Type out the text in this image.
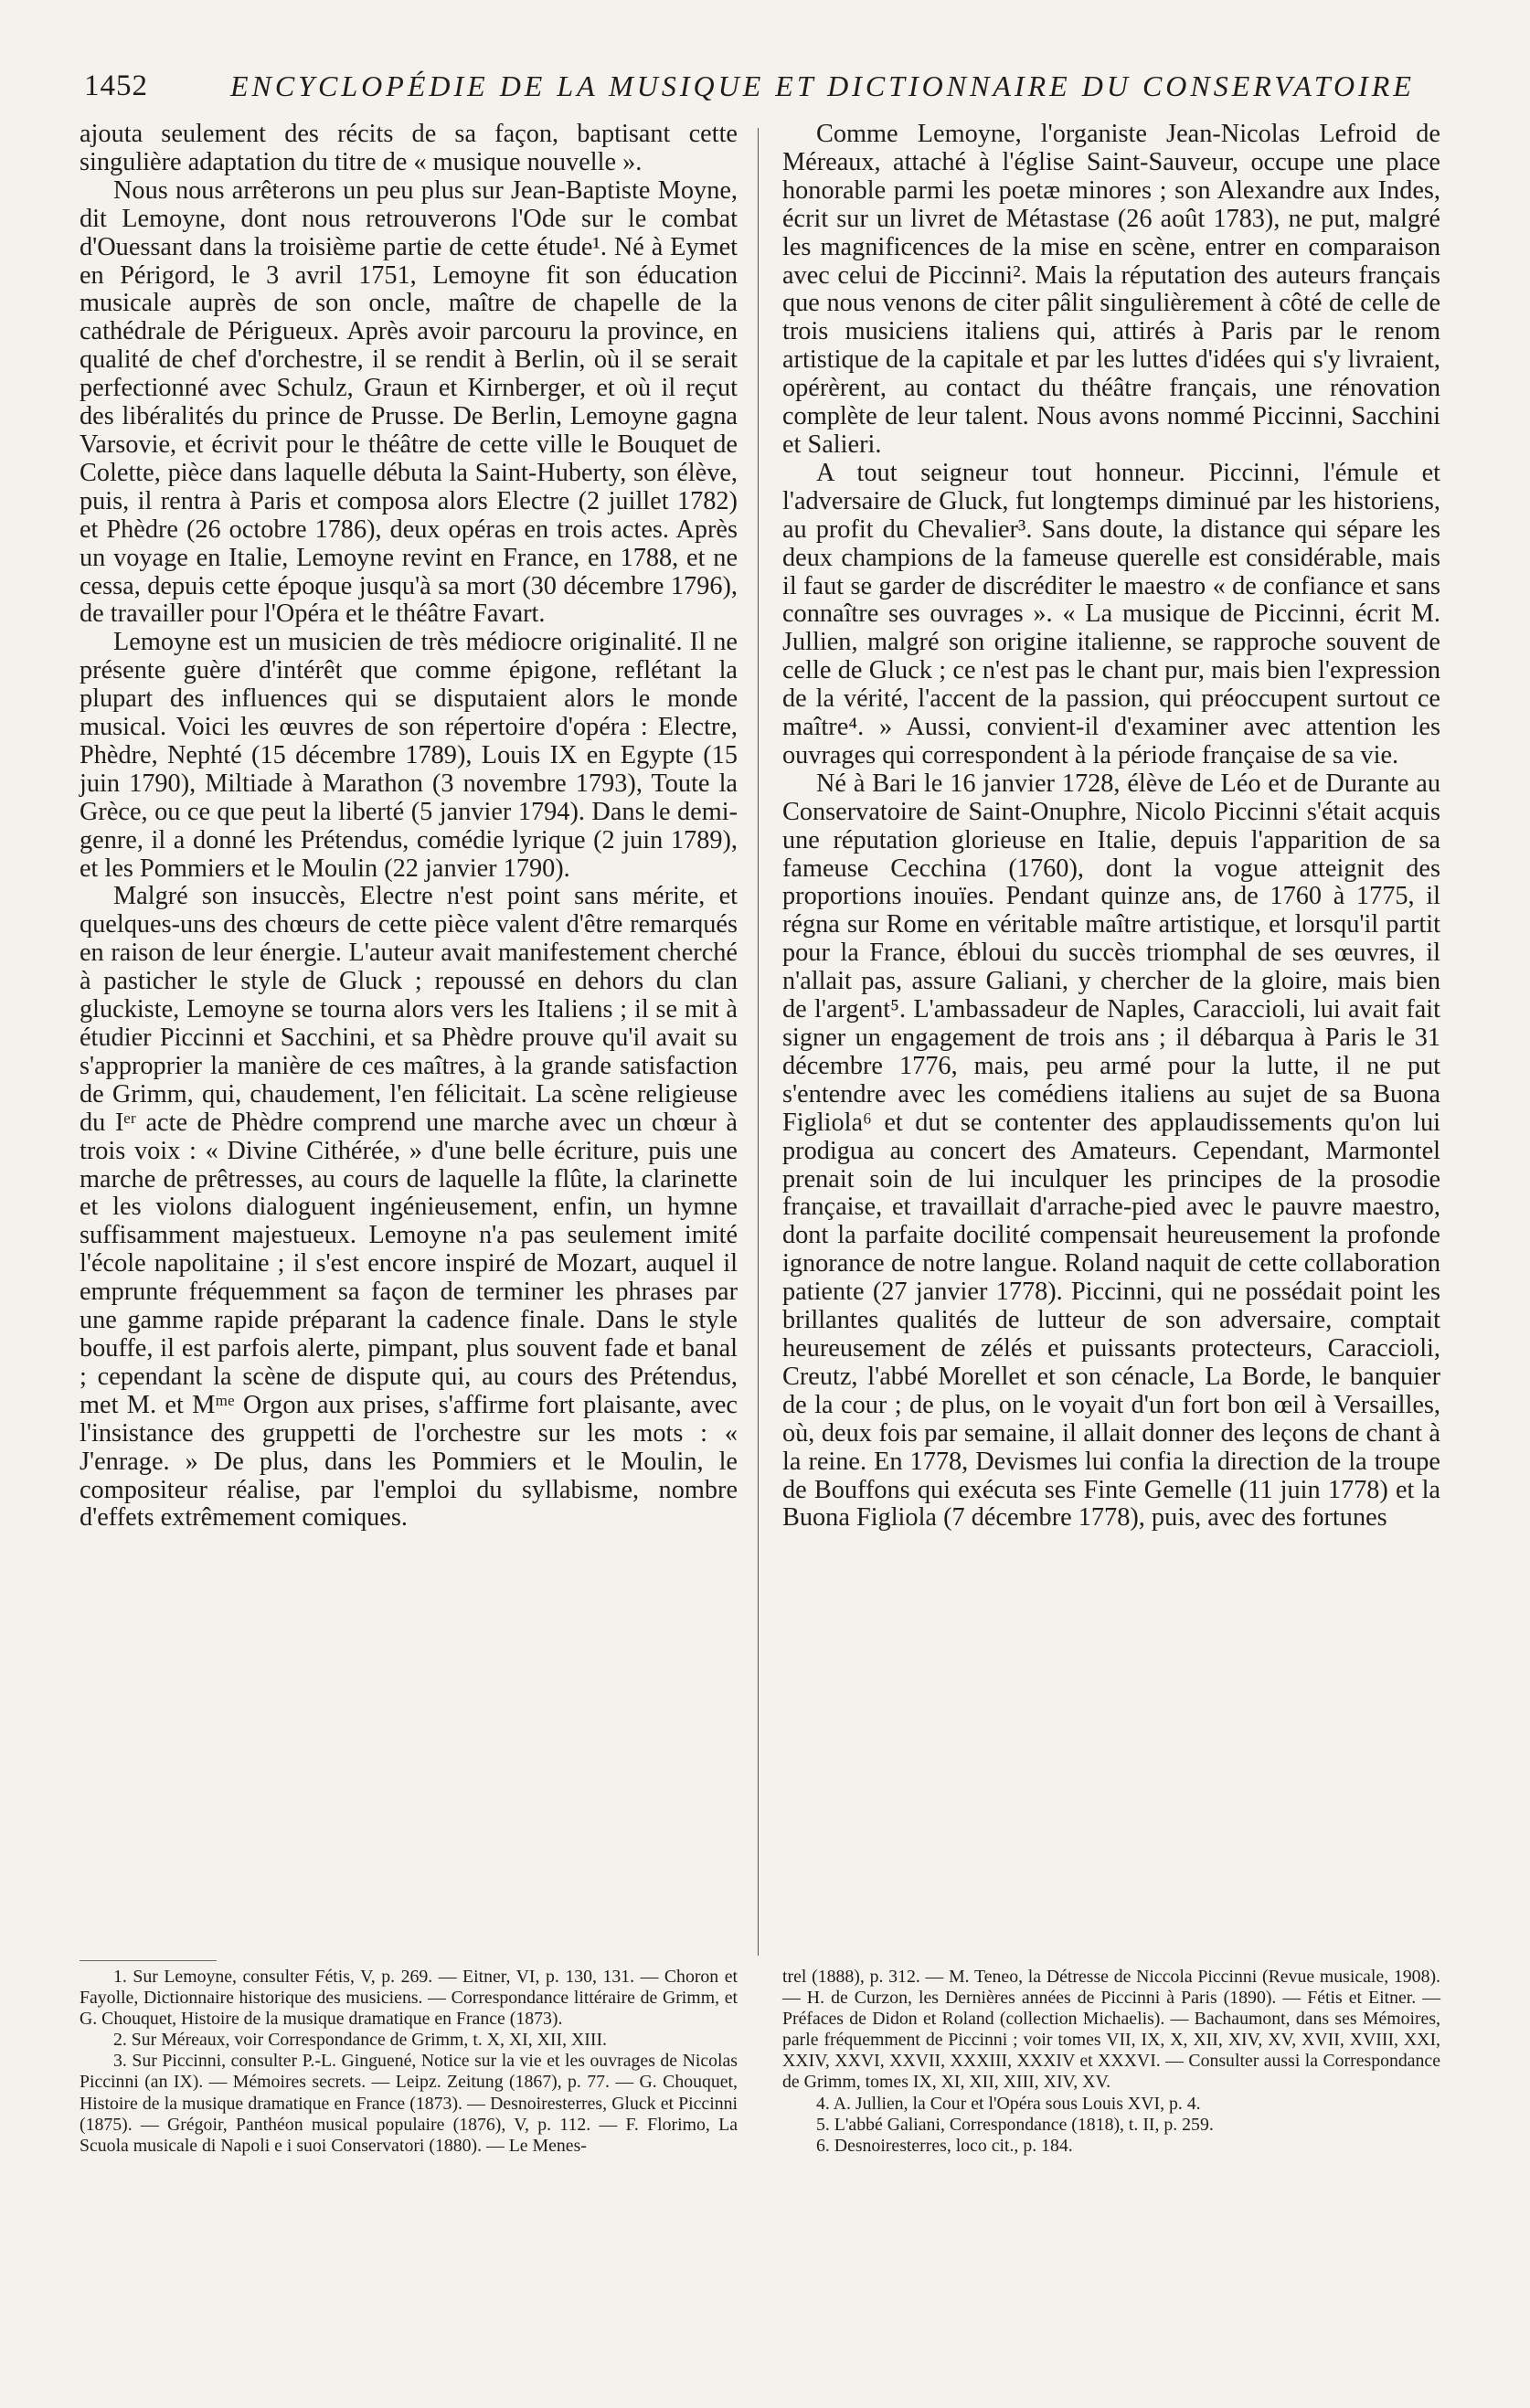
1452	ENCYCLOPÉDIE DE LA MUSIQUE ET DICTIONNAIRE DU CONSERVATOIRE

ajouta seulement des récits de sa façon, baptisant cette singulière adaptation du titre de « musique nouvelle ».

Nous nous arrêterons un peu plus sur Jean-Baptiste Moyne, dit Lemoyne, dont nous retrouverons l'Ode sur le combat d'Ouessant dans la troisième partie de cette étude¹. Né à Eymet en Périgord, le 3 avril 1751, Lemoyne fit son éducation musicale auprès de son oncle, maître de chapelle de la cathédrale de Périgueux. Après avoir parcouru la province, en qualité de chef d'orchestre, il se rendit à Berlin, où il se serait perfectionné avec Schulz, Graun et Kirnberger, et où il reçut des libéralités du prince de Prusse. De Berlin, Lemoyne gagna Varsovie, et écrivit pour le théâtre de cette ville le Bouquet de Colette, pièce dans laquelle débuta la Saint-Huberty, son élève, puis, il rentra à Paris et composa alors Electre (2 juillet 1782) et Phèdre (26 octobre 1786), deux opéras en trois actes. Après un voyage en Italie, Lemoyne revint en France, en 1788, et ne cessa, depuis cette époque jusqu'à sa mort (30 décembre 1796), de travailler pour l'Opéra et le théâtre Favart.

Lemoyne est un musicien de très médiocre originalité. Il ne présente guère d'intérêt que comme épigone, reflétant la plupart des influences qui se disputaient alors le monde musical. Voici les œuvres de son répertoire d'opéra : Electre, Phèdre, Nephté (15 décembre 1789), Louis IX en Egypte (15 juin 1790), Miltiade à Marathon (3 novembre 1793), Toute la Grèce, ou ce que peut la liberté (5 janvier 1794). Dans le demi-genre, il a donné les Prétendus, comédie lyrique (2 juin 1789), et les Pommiers et le Moulin (22 janvier 1790).

Malgré son insuccès, Electre n'est point sans mérite, et quelques-uns des chœurs de cette pièce valent d'être remarqués en raison de leur énergie. L'auteur avait manifestement cherché à pasticher le style de Gluck ; repoussé en dehors du clan gluckiste, Lemoyne se tourna alors vers les Italiens ; il se mit à étudier Piccinni et Sacchini, et sa Phèdre prouve qu'il avait su s'approprier la manière de ces maîtres, à la grande satisfaction de Grimm, qui, chaudement, l'en félicitait. La scène religieuse du Iᵉʳ acte de Phèdre comprend une marche avec un chœur à trois voix : « Divine Cithérée, » d'une belle écriture, puis une marche de prêtresses, au cours de laquelle la flûte, la clarinette et les violons dialoguent ingénieusement, enfin, un hymne suffisamment majestueux. Lemoyne n'a pas seulement imité l'école napolitaine ; il s'est encore inspiré de Mozart, auquel il emprunte fréquemment sa façon de terminer les phrases par une gamme rapide préparant la cadence finale. Dans le style bouffe, il est parfois alerte, pimpant, plus souvent fade et banal ; cependant la scène de dispute qui, au cours des Prétendus, met M. et Mᵐᵉ Orgon aux prises, s'affirme fort plaisante, avec l'insistance des gruppetti de l'orchestre sur les mots : « J'enrage. » De plus, dans les Pommiers et le Moulin, le compositeur réalise, par l'emploi du syllabisme, nombre d'effets extrêmement comiques.

Comme Lemoyne, l'organiste Jean-Nicolas Lefroid de Méreaux, attaché à l'église Saint-Sauveur, occupe une place honorable parmi les poetæ minores ; son Alexandre aux Indes, écrit sur un livret de Métastase (26 août 1783), ne put, malgré les magnificences de la mise en scène, entrer en comparaison avec celui de Piccinni². Mais la réputation des auteurs français que nous venons de citer pâlit singulièrement à côté de celle de trois musiciens italiens qui, attirés à Paris par le renom artistique de la capitale et par les luttes d'idées qui s'y livraient, opérèrent, au contact du théâtre français, une rénovation complète de leur talent. Nous avons nommé Piccinni, Sacchini et Salieri.

A tout seigneur tout honneur. Piccinni, l'émule et l'adversaire de Gluck, fut longtemps diminué par les historiens, au profit du Chevalier³. Sans doute, la distance qui sépare les deux champions de la fameuse querelle est considérable, mais il faut se garder de discréditer le maestro « de confiance et sans connaître ses ouvrages ». « La musique de Piccinni, écrit M. Jullien, malgré son origine italienne, se rapproche souvent de celle de Gluck ; ce n'est pas le chant pur, mais bien l'expression de la vérité, l'accent de la passion, qui préoccupent surtout ce maître⁴. » Aussi, convient-il d'examiner avec attention les ouvrages qui correspondent à la période française de sa vie.

Né à Bari le 16 janvier 1728, élève de Léo et de Durante au Conservatoire de Saint-Onuphre, Nicolo Piccinni s'était acquis une réputation glorieuse en Italie, depuis l'apparition de sa fameuse Cecchina (1760), dont la vogue atteignit des proportions inouïes. Pendant quinze ans, de 1760 à 1775, il régna sur Rome en véritable maître artistique, et lorsqu'il partit pour la France, ébloui du succès triomphal de ses œuvres, il n'allait pas, assure Galiani, y chercher de la gloire, mais bien de l'argent⁵. L'ambassadeur de Naples, Caraccioli, lui avait fait signer un engagement de trois ans ; il débarqua à Paris le 31 décembre 1776, mais, peu armé pour la lutte, il ne put s'entendre avec les comédiens italiens au sujet de sa Buona Figliola⁶ et dut se contenter des applaudissements qu'on lui prodigua au concert des Amateurs. Cependant, Marmontel prenait soin de lui inculquer les principes de la prosodie française, et travaillait d'arrache-pied avec le pauvre maestro, dont la parfaite docilité compensait heureusement la profonde ignorance de notre langue. Roland naquit de cette collaboration patiente (27 janvier 1778). Piccinni, qui ne possédait point les brillantes qualités de lutteur de son adversaire, comptait heureusement de zélés et puissants protecteurs, Caraccioli, Creutz, l'abbé Morellet et son cénacle, La Borde, le banquier de la cour ; de plus, on le voyait d'un fort bon œil à Versailles, où, deux fois par semaine, il allait donner des leçons de chant à la reine. En 1778, Devismes lui confia la direction de la troupe de Bouffons qui exécuta ses Finte Gemelle (11 juin 1778) et la Buona Figliola (7 décembre 1778), puis, avec des fortunes

1. Sur Lemoyne, consulter Fétis, V, p. 269. — Eitner, VI, p. 130, 131. — Choron et Fayolle, Dictionnaire historique des musiciens. — Correspondance littéraire de Grimm, et G. Chouquet, Histoire de la musique dramatique en France (1873).

2. Sur Méreaux, voir Correspondance de Grimm, t. X, XI, XII, XIII.

3. Sur Piccinni, consulter P.-L. Ginguené, Notice sur la vie et les ouvrages de Nicolas Piccinni (an IX). — Mémoires secrets. — Leipz. Zeitung (1867), p. 77. — G. Chouquet, Histoire de la musique dramatique en France (1873). — Desnoiresterres, Gluck et Piccinni (1875). — Grégoir, Panthéon musical populaire (1876), V, p. 112. — F. Florimo, La Scuola musicale di Napoli e i suoi Conservatori (1880). — Le Menes-

trel (1888), p. 312. — M. Teneo, la Détresse de Niccola Piccinni (Revue musicale, 1908). — H. de Curzon, les Dernières années de Piccinni à Paris (1890). — Fétis et Eitner. — Préfaces de Didon et Roland (collection Michaelis). — Bachaumont, dans ses Mémoires, parle fréquemment de Piccinni ; voir tomes VII, IX, X, XII, XIV, XV, XVII, XVIII, XXI, XXIV, XXVI, XXVII, XXXIII, XXXIV et XXXVI. — Consulter aussi la Correspondance de Grimm, tomes IX, XI, XII, XIII, XIV, XV.

4. A. Jullien, la Cour et l'Opéra sous Louis XVI, p. 4.

5. L'abbé Galiani, Correspondance (1818), t. II, p. 259.

6. Desnoiresterres, loco cit., p. 184.
